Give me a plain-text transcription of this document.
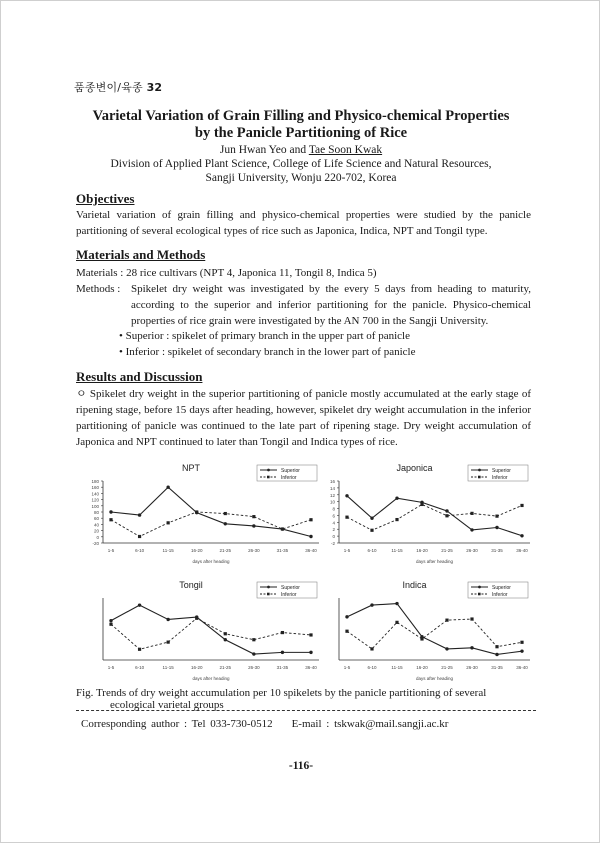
품종변이/육종 32
Varietal Variation of Grain Filling and Physico-chemical Properties
by the Panicle Partitioning of Rice
Jun Hwan Yeo and Tae Soon Kwak
Division of Applied Plant Science, College of Life Science and Natural Resources,
Sangji University, Wonju 220-702, Korea
Objectives
Varietal variation of grain filling and physico-chemical properties were studied by the panicle partitioning of several ecological types of rice such as Japonica, Indica, NPT and Tongil type.
Materials and Methods
Materials : 28 rice cultivars (NPT 4, Japonica 11, Tongil 8, Indica 5)
Methods : Spikelet dry weight was investigated by the every 5 days from heading to maturity, according to the superior and inferior partitioning for the panicle. Physico-chemical properties of rice grain were investigated by the AN 700 in the Sangji University.
• Superior : spikelet of primary branch in the upper part of panicle
• Inferior : spikelet of secondary branch in the lower part of panicle
Results and Discussion
ㅇ Spikelet dry weight in the superior partitioning of panicle mostly accumulated at the early stage of ripening stage, before 15 days after heading, however, spikelet dry weight accumulation in the inferior partitioning of panicle was continued to the late part of ripening stage. Dry weight accumulation of Japonica and NPT continued to later than Tongil and Indica types of rice.
-20
0
20
40
60
80
100
120
140
160
180
1-5	6-10	11-15	16-20	21-25	26-30	31-35	36-40
days after heading
NPT	Superior
Inferior
-2
0
2
4
6
8
10
12
14
16
1-5	6-10	11-15	16-20	21-25	26-30	31-35	36-40
days after heading
Japonica	Superior
Inferior
1-5	6-10	11-15	16-20	21-25	26-30	31-35	36-40
days after heading
Tongil	Superior
Inferior
1-5	6-10	11-15	16-20	21-25	26-30	31-35	36-40
days after heading
Indica	Superior
Inferior
Fig. Trends of dry weight accumulation per 10 spikelets by the panicle partitioning of several
ecological varietal groups
Corresponding author : Tel 033-730-0512 E-mail : tskwak@mail.sangji.ac.kr
-116-
